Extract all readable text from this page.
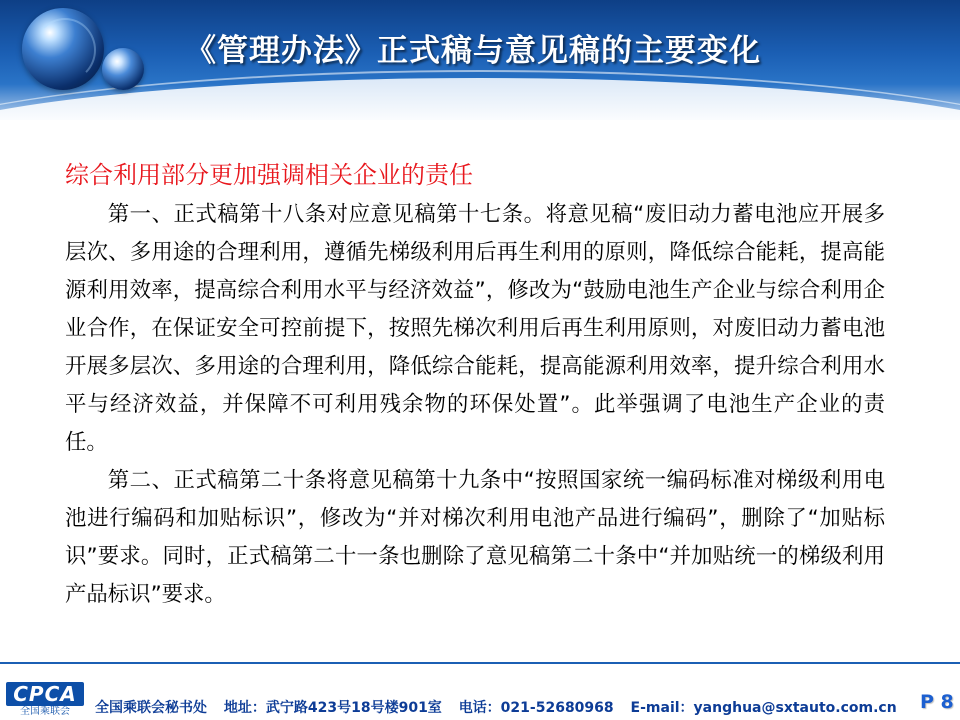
《管理办法》正式稿与意见稿的主要变化

综合利用部分更加强调相关企业的责任

第一、正式稿第十八条对应意见稿第十七条。将意见稿“废旧动力蓄电池应开展多层次、多用途的合理利用，遵循先梯级利用后再生利用的原则，降低综合能耗，提高能源利用效率，提高综合利用水平与经济效益”，修改为“鼓励电池生产企业与综合利用企业合作，在保证安全可控前提下，按照先梯次利用后再生利用原则，对废旧动力蓄电池开展多层次、多用途的合理利用，降低综合能耗，提高能源利用效率，提升综合利用水平与经济效益，并保障不可利用残余物的环保处置”。此举强调了电池生产企业的责任。

第二、正式稿第二十条将意见稿第十九条中“按照国家统一编码标准对梯级利用电池进行编码和加贴标识”，修改为“并对梯次利用电池产品进行编码”，删除了“加贴标识”要求。同时，正式稿第二十一条也删除了意见稿第二十条中“并加贴统一的梯级利用产品标识”要求。

CPCA
全国乘联会	全国乘联会秘书处 地址：武宁路423号18号楼901室 电话：021-52680968 E-mail：yanghua@sxtauto.com.cn	P 8
